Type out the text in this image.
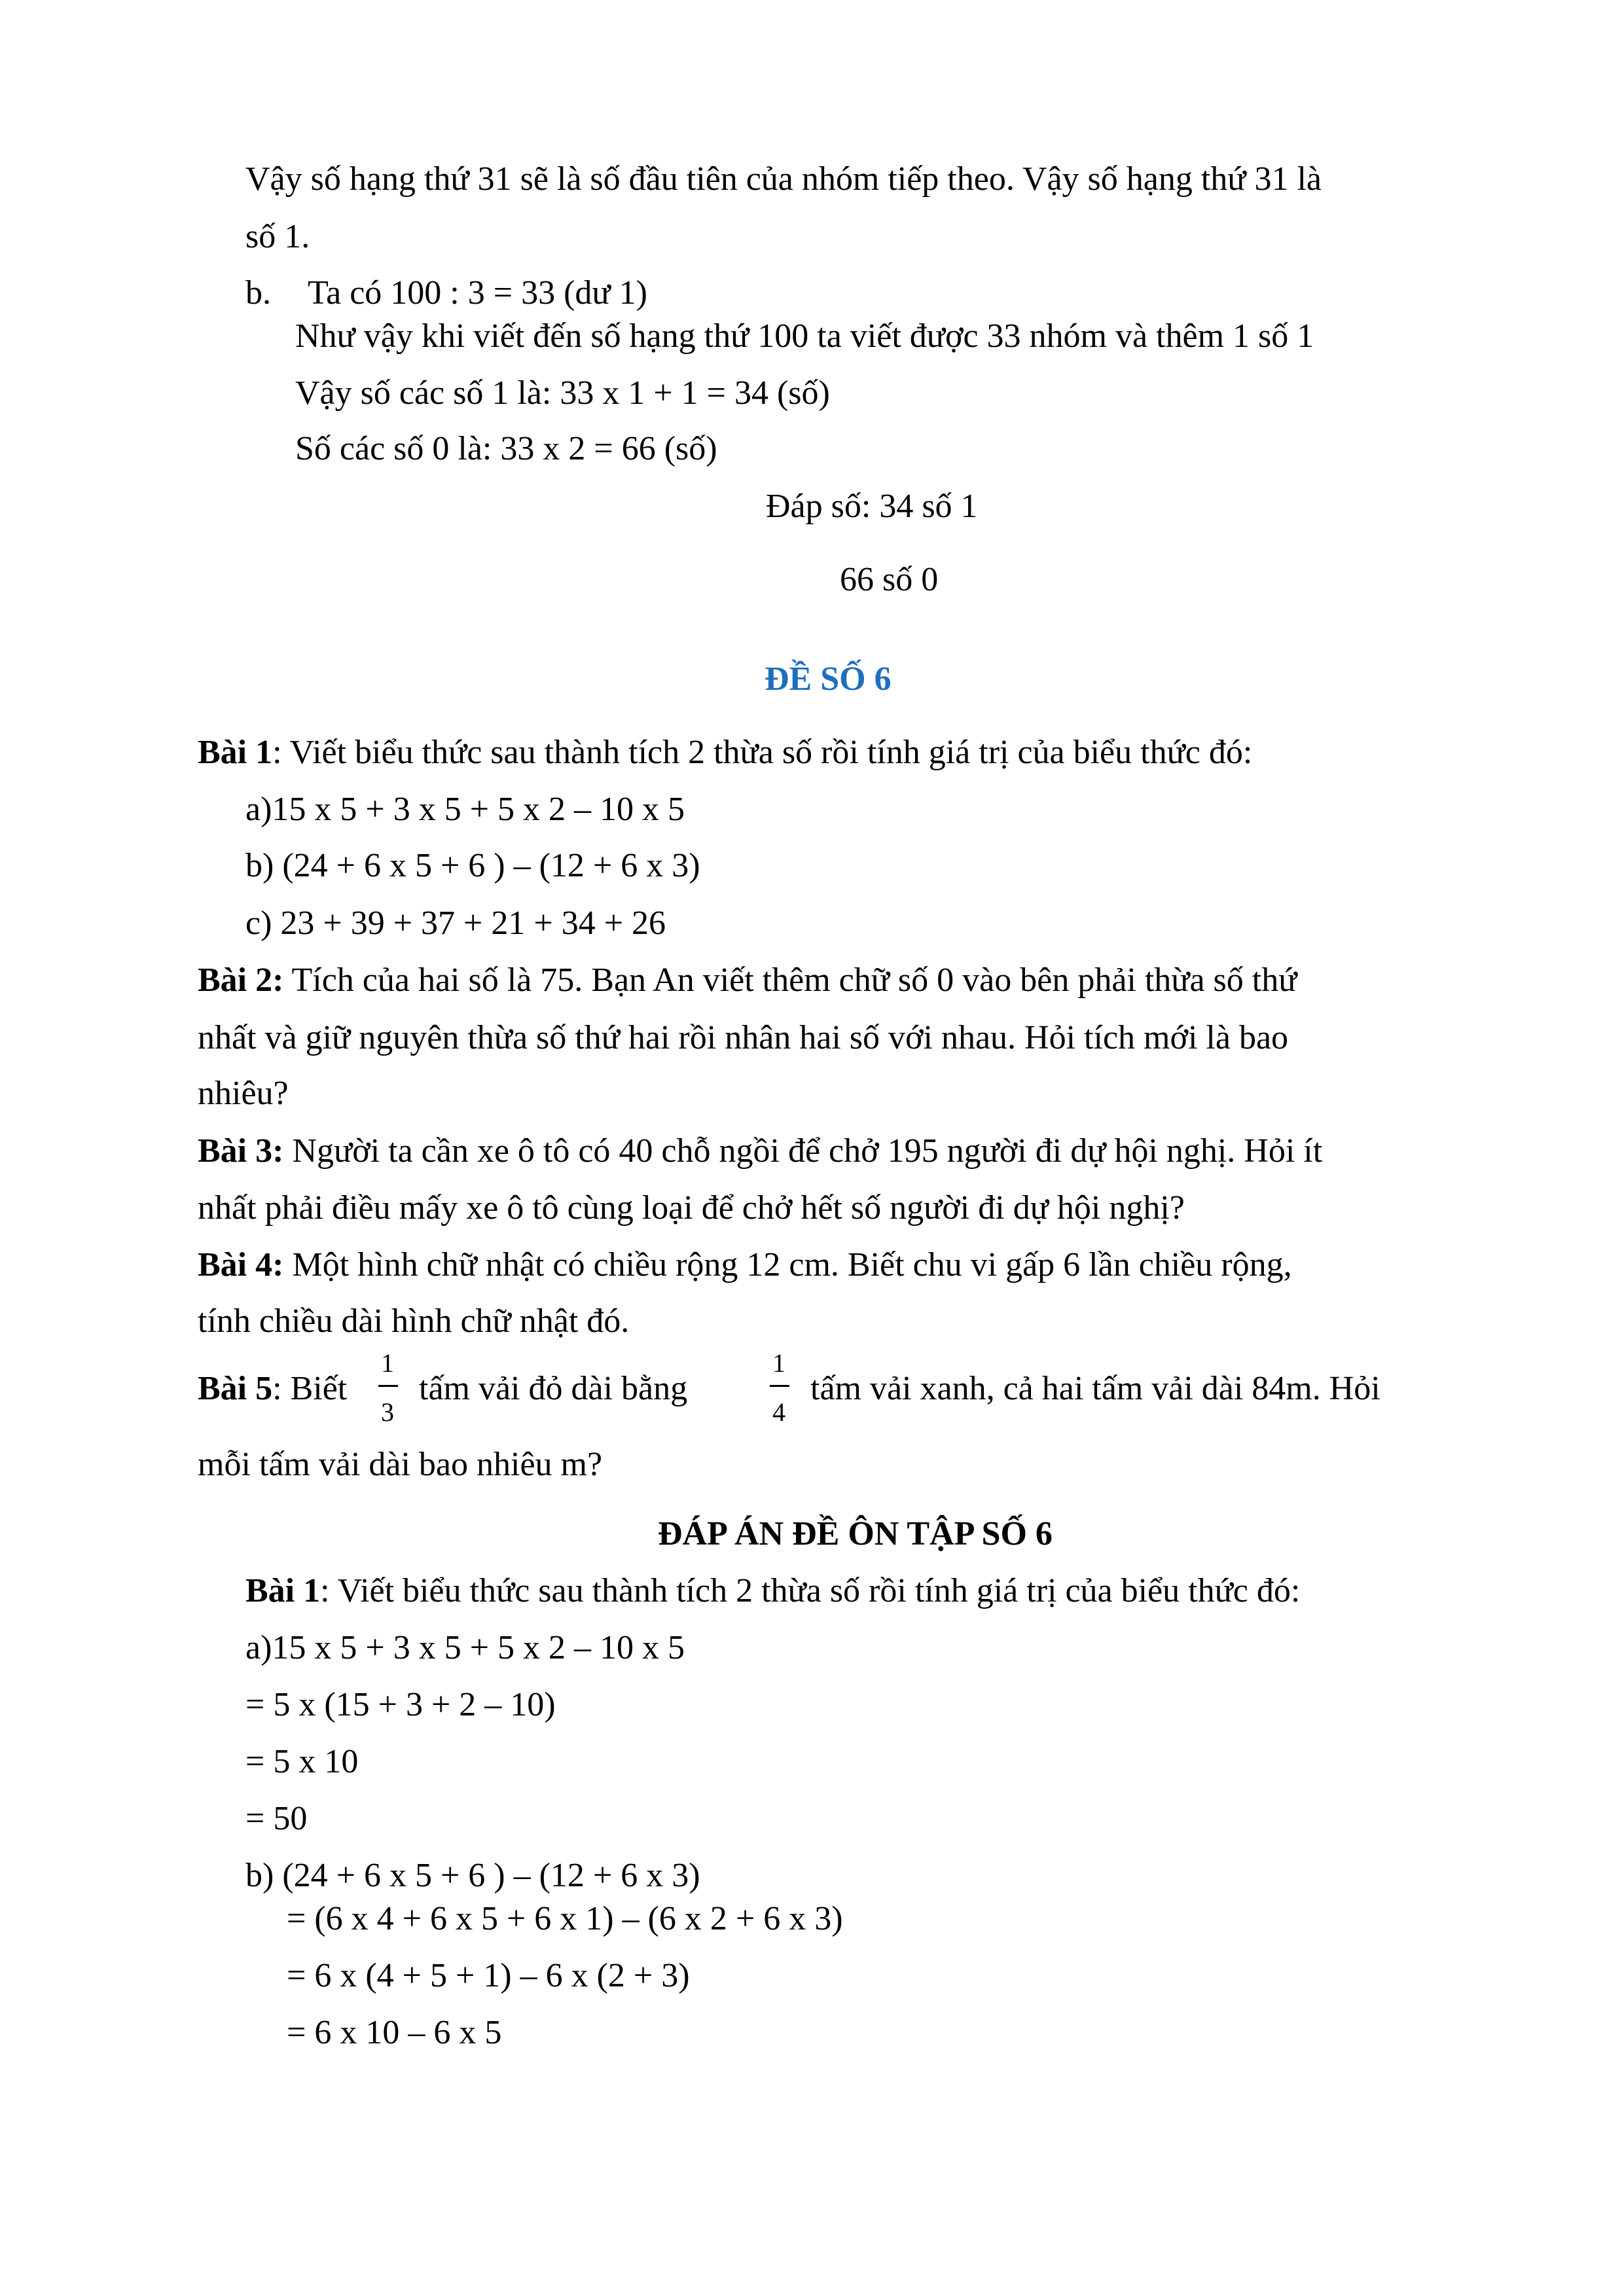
Vậy số hạng thứ 31 sẽ là số đầu tiên của nhóm tiếp theo. Vậy số hạng thứ 31 là
số 1.
b. Ta có 100 : 3 = 33 (dư 1)
Như vậy khi viết đến số hạng thứ 100 ta viết được 33 nhóm và thêm 1 số 1
Vậy số các số 1 là: 33 x 1 + 1 = 34 (số)
Số các số 0 là: 33 x 2 = 66 (số)
Đáp số: 34 số 1
66 số 0
ĐỀ SỐ 6
Bài 1: Viết biểu thức sau thành tích 2 thừa số rồi tính giá trị của biểu thức đó:
a)15 x 5 + 3 x 5 + 5 x 2 – 10 x 5
b) (24 + 6 x 5 + 6 ) – (12 + 6 x 3)
c) 23 + 39 + 37 + 21 + 34 + 26
Bài 2: Tích của hai số là 75. Bạn An viết thêm chữ số 0 vào bên phải thừa số thứ
nhất và giữ nguyên thừa số thứ hai rồi nhân hai số với nhau. Hỏi tích mới là bao
nhiêu?
Bài 3: Người ta cần xe ô tô có 40 chỗ ngồi để chở 195 người đi dự hội nghị. Hỏi ít
nhất phải điều mấy xe ô tô cùng loại để chở hết số người đi dự hội nghị?
Bài 4: Một hình chữ nhật có chiều rộng 12 cm. Biết chu vi gấp 6 lần chiều rộng,
tính chiều dài hình chữ nhật đó.
Bài 5: Biết
1
3
tấm vải đỏ dài bằng
1
4
tấm vải xanh, cả hai tấm vải dài 84m. Hỏi
mỗi tấm vải dài bao nhiêu m?
ĐÁP ÁN ĐỀ ÔN TẬP SỐ 6
Bài 1: Viết biểu thức sau thành tích 2 thừa số rồi tính giá trị của biểu thức đó:
a)15 x 5 + 3 x 5 + 5 x 2 – 10 x 5
= 5 x (15 + 3 + 2 – 10)
= 5 x 10
= 50
b) (24 + 6 x 5 + 6 ) – (12 + 6 x 3)
= (6 x 4 + 6 x 5 + 6 x 1) – (6 x 2 + 6 x 3)
= 6 x (4 + 5 + 1) – 6 x (2 + 3)
= 6 x 10 – 6 x 5
